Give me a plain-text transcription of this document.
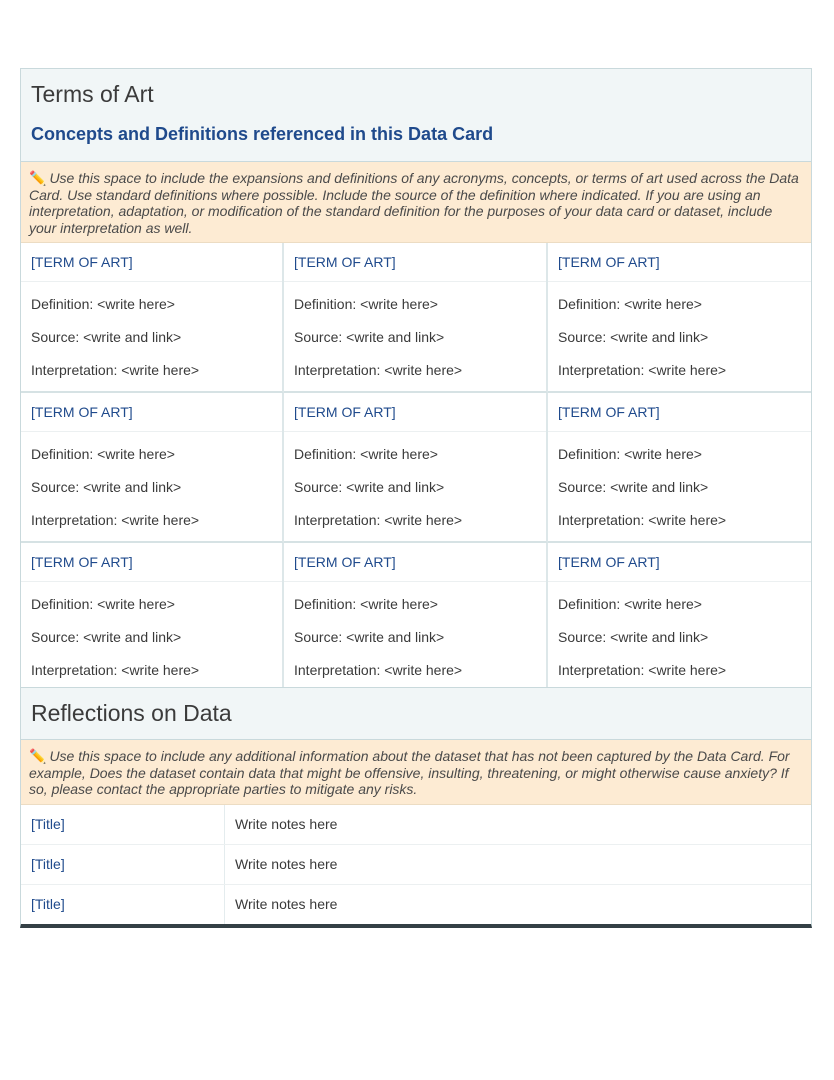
Terms of Art
Concepts and Definitions referenced in this Data Card
✏️ Use this space to include the expansions and definitions of any acronyms, concepts, or terms of art used across the Data Card. Use standard definitions where possible. Include the source of the definition where indicated. If you are using an interpretation, adaptation, or modification of the standard definition for the purposes of your data card or dataset, include your interpretation as well.
[TERM OF ART]
Definition: <write here>
Source: <write and link>
Interpretation: <write here>
[TERM OF ART]
Definition: <write here>
Source: <write and link>
Interpretation: <write here>
[TERM OF ART]
Definition: <write here>
Source: <write and link>
Interpretation: <write here>
[TERM OF ART]
Definition: <write here>
Source: <write and link>
Interpretation: <write here>
[TERM OF ART]
Definition: <write here>
Source: <write and link>
Interpretation: <write here>
[TERM OF ART]
Definition: <write here>
Source: <write and link>
Interpretation: <write here>
[TERM OF ART]
Definition: <write here>
Source: <write and link>
Interpretation: <write here>
[TERM OF ART]
Definition: <write here>
Source: <write and link>
Interpretation: <write here>
[TERM OF ART]
Definition: <write here>
Source: <write and link>
Interpretation: <write here>
Reflections on Data
✏️ Use this space to include any additional information about the dataset that has not been captured by the Data Card. For example, Does the dataset contain data that might be offensive, insulting, threatening, or might otherwise cause anxiety? If so, please contact the appropriate parties to mitigate any risks.
[Title]	Write notes here
[Title]	Write notes here
[Title]	Write notes here
